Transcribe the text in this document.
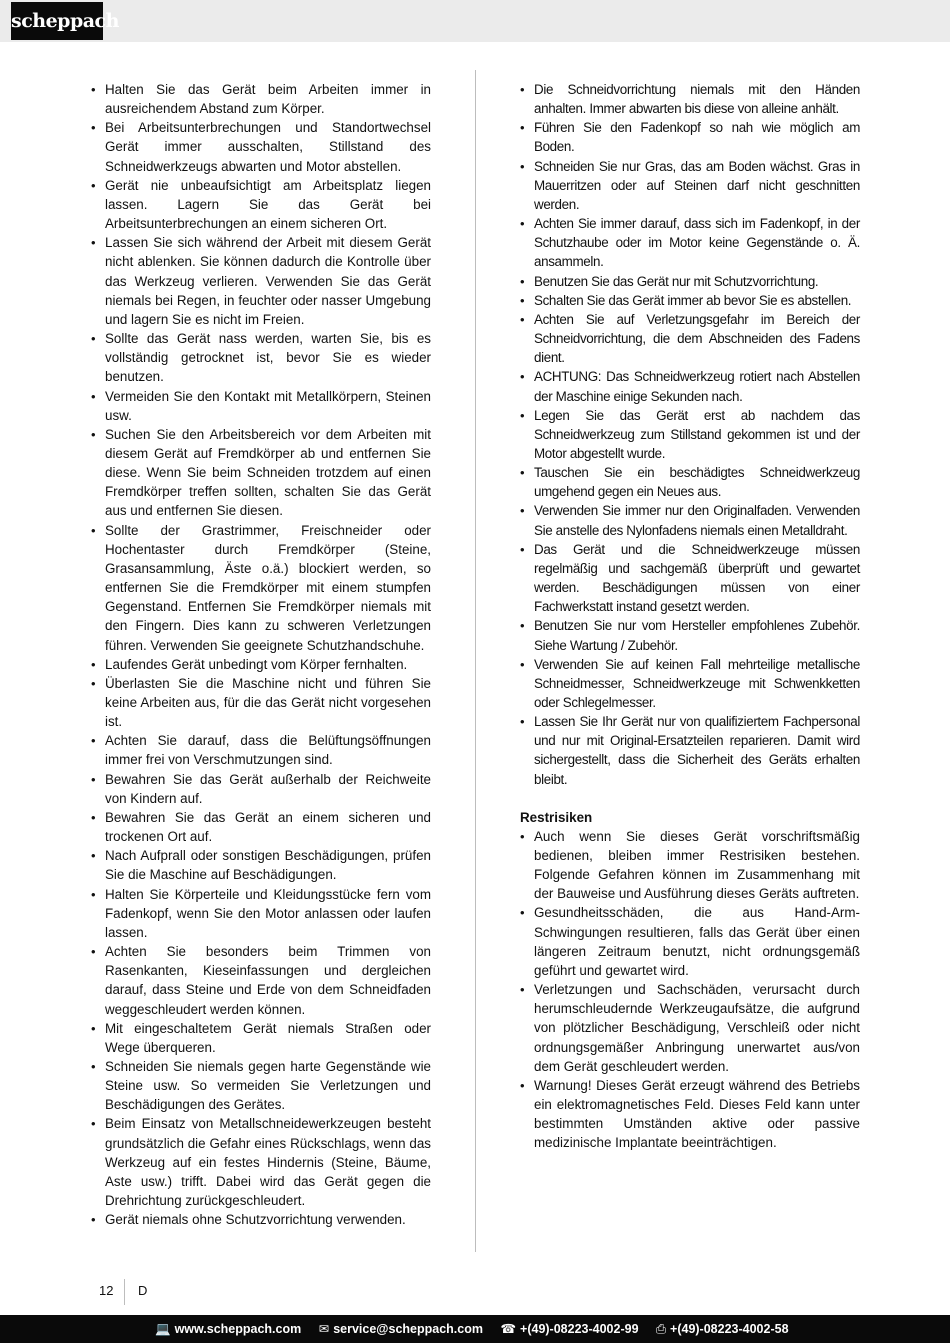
scheppach
• Halten Sie das Gerät beim Arbeiten immer in ausreichendem Abstand zum Körper.
• Bei Arbeitsunterbrechungen und Standortwechsel Gerät immer ausschalten, Stillstand des Schneidwerkzeugs abwarten und Motor abstellen.
• Gerät nie unbeaufsichtigt am Arbeitsplatz liegen lassen. Lagern Sie das Gerät bei Arbeitsunterbrechungen an einem sicheren Ort.
• Lassen Sie sich während der Arbeit mit diesem Gerät nicht ablenken. Sie können dadurch die Kontrolle über das Werkzeug verlieren. Verwenden Sie das Gerät niemals bei Regen, in feuchter oder nasser Umgebung und lagern Sie es nicht im Freien.
• Sollte das Gerät nass werden, warten Sie, bis es vollständig getrocknet ist, bevor Sie es wieder benutzen.
• Vermeiden Sie den Kontakt mit Metallkörpern, Steinen usw.
• Suchen Sie den Arbeitsbereich vor dem Arbeiten mit diesem Gerät auf Fremdkörper ab und entfernen Sie diese. Wenn Sie beim Schneiden trotzdem auf einen Fremdkörper treffen sollten, schalten Sie das Gerät aus und entfernen Sie diesen.
• Sollte der Grastrimmer, Freischneider oder Hochentaster durch Fremdkörper (Steine, Grasansammlung, Äste o.ä.) blockiert werden, so entfernen Sie die Fremdkörper mit einem stumpfen Gegenstand. Entfernen Sie Fremdkörper niemals mit den Fingern. Dies kann zu schweren Verletzungen führen. Verwenden Sie geeignete Schutzhandschuhe.
• Laufendes Gerät unbedingt vom Körper fernhalten.
• Überlasten Sie die Maschine nicht und führen Sie keine Arbeiten aus, für die das Gerät nicht vorgesehen ist.
• Achten Sie darauf, dass die Belüftungsöffnungen immer frei von Verschmutzungen sind.
• Bewahren Sie das Gerät außerhalb der Reichweite von Kindern auf.
• Bewahren Sie das Gerät an einem sicheren und trockenen Ort auf.
• Nach Aufprall oder sonstigen Beschädigungen, prüfen Sie die Maschine auf Beschädigungen.
• Halten Sie Körperteile und Kleidungsstücke fern vom Fadenkopf, wenn Sie den Motor anlassen oder laufen lassen.
• Achten Sie besonders beim Trimmen von Rasenkanten, Kieseinfassungen und dergleichen darauf, dass Steine und Erde von dem Schneidfaden weggeschleudert werden können.
• Mit eingeschaltetem Gerät niemals Straßen oder Wege überqueren.
• Schneiden Sie niemals gegen harte Gegenstände wie Steine usw. So vermeiden Sie Verletzungen und Beschädigungen des Gerätes.
• Beim Einsatz von Metallschneidewerkzeugen besteht grundsätzlich die Gefahr eines Rückschlags, wenn das Werkzeug auf ein festes Hindernis (Steine, Bäume, Aste usw.) trifft. Dabei wird das Gerät gegen die Drehrichtung zurückgeschleudert.
• Gerät niemals ohne Schutzvorrichtung verwenden.
• Die Schneidvorrichtung niemals mit den Händen anhalten. Immer abwarten bis diese von alleine anhält.
• Führen Sie den Fadenkopf so nah wie möglich am Boden.
• Schneiden Sie nur Gras, das am Boden wächst. Gras in Mauerritzen oder auf Steinen darf nicht geschnitten werden.
• Achten Sie immer darauf, dass sich im Fadenkopf, in der Schutzhaube oder im Motor keine Gegenstände o. Ä. ansammeln.
• Benutzen Sie das Gerät nur mit Schutzvorrichtung.
• Schalten Sie das Gerät immer ab bevor Sie es abstellen.
• Achten Sie auf Verletzungsgefahr im Bereich der Schneidvorrichtung, die dem Abschneiden des Fadens dient.
• ACHTUNG: Das Schneidwerkzeug rotiert nach Abstellen der Maschine einige Sekunden nach.
• Legen Sie das Gerät erst ab nachdem das Schneidwerkzeug zum Stillstand gekommen ist und der Motor abgestellt wurde.
• Tauschen Sie ein beschädigtes Schneidwerkzeug umgehend gegen ein Neues aus.
• Verwenden Sie immer nur den Originalfaden. Verwenden Sie anstelle des Nylonfadens niemals einen Metalldraht.
• Das Gerät und die Schneidwerkzeuge müssen regelmäßig und sachgemäß überprüft und gewartet werden. Beschädigungen müssen von einer Fachwerkstatt instand gesetzt werden.
• Benutzen Sie nur vom Hersteller empfohlenes Zubehör. Siehe Wartung / Zubehör.
• Verwenden Sie auf keinen Fall mehrteilige metallische Schneidmesser, Schneidwerkzeuge mit Schwenkketten oder Schlegelmesser.
• Lassen Sie Ihr Gerät nur von qualifiziertem Fachpersonal und nur mit Original-Ersatzteilen reparieren. Damit wird sichergestellt, dass die Sicherheit des Geräts erhalten bleibt.
Restrisiken
• Auch wenn Sie dieses Gerät vorschriftsmäßig bedienen, bleiben immer Restrisiken bestehen. Folgende Gefahren können im Zusammenhang mit der Bauweise und Ausführung dieses Geräts auftreten.
• Gesundheitsschäden, die aus Hand-Arm-Schwingungen resultieren, falls das Gerät über einen längeren Zeitraum benutzt, nicht ordnungsgemäß geführt und gewartet wird.
• Verletzungen und Sachschäden, verursacht durch herumschleudernde Werkzeugaufsätze, die aufgrund von plötzlicher Beschädigung, Verschleiß oder nicht ordnungsgemäßer Anbringung unerwartet aus/von dem Gerät geschleudert werden.
• Warnung! Dieses Gerät erzeugt während des Betriebs ein elektromagnetisches Feld. Dieses Feld kann unter bestimmten Umständen aktive oder passive medizinische Implantate beeinträchtigen.
12 D
💻 www.scheppach.com ✉ service@scheppach.com ☎ +(49)-08223-4002-99 ⎙ +(49)-08223-4002-58
